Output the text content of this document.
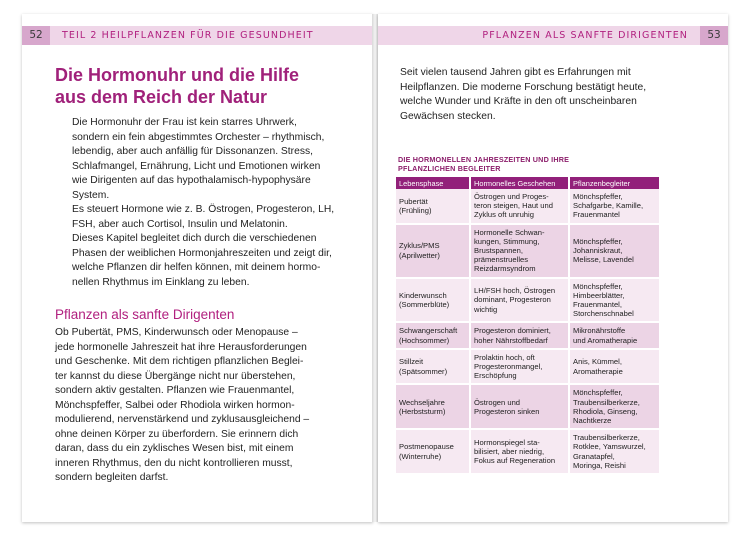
52	TEIL 2 HEILPFLANZEN FÜR DIE GESUNDHEIT
Die Hormonuhr und die Hilfe
aus dem Reich der Natur
Die Hormonuhr der Frau ist kein starres Uhrwerk,
sondern ein fein abgestimmtes Orchester – rhythmisch,
lebendig, aber auch anfällig für Dissonanzen. Stress,
Schlafmangel, Ernährung, Licht und Emotionen wirken
wie Dirigenten auf das hypothalamisch-hypophysäre
System.
Es steuert Hormone wie z. B. Östrogen, Progesteron, LH,
FSH, aber auch Cortisol, Insulin und Melatonin.
Dieses Kapitel begleitet dich durch die verschiedenen
Phasen der weiblichen Hormonjahreszeiten und zeigt dir,
welche Pflanzen dir helfen können, mit deinem hormo-
nellen Rhythmus im Einklang zu leben.
Pflanzen als sanfte Dirigenten
Ob Pubertät, PMS, Kinderwunsch oder Menopause –
jede hormonelle Jahreszeit hat ihre Herausforderungen
und Geschenke. Mit dem richtigen pflanzlichen Beglei-
ter kannst du diese Übergänge nicht nur überstehen,
sondern aktiv gestalten. Pflanzen wie Frauenmantel,
Mönchspfeffer, Salbei oder Rhodiola wirken hormon-
modulierend, nervenstärkend und zyklusausgleichend –
ohne deinen Körper zu überfordern. Sie erinnern dich
daran, dass du ein zyklisches Wesen bist, mit einem
inneren Rhythmus, den du nicht kontrollieren musst,
sondern begleiten darfst.
PFLANZEN ALS SANFTE DIRIGENTEN	53
Seit vielen tausend Jahren gibt es Erfahrungen mit
Heilpflanzen. Die moderne Forschung bestätigt heute,
welche Wunder und Kräfte in den oft unscheinbaren
Gewächsen stecken.
DIE HORMONELLEN JAHRESZEITEN UND IHRE
PFLANZLICHEN BEGLEITER
Lebensphase	Hormonelles Geschehen	Pflanzenbegleiter
Pubertät
(Frühling)	Östrogen und Proges-
teron steigen, Haut und
Zyklus oft unruhig	Mönchspfeffer,
Schafgarbe, Kamille,
Frauenmantel
Zyklus/PMS
(Aprilwetter)	Hormonelle Schwan-
kungen, Stimmung,
Brustspannen,
prämenstruelles
Reizdarmsyndrom	Mönchspfeffer,
Johanniskraut,
Melisse, Lavendel
Kinderwunsch
(Sommerblüte)	LH/FSH hoch, Östrogen
dominant, Progesteron
wichtig	Mönchspfeffer,
Himbeerblätter,
Frauenmantel,
Storchenschnabel
Schwangerschaft
(Hochsommer)	Progesteron dominiert,
hoher Nährstoffbedarf	Mikronährstoffe
und Aromatherapie
Stillzeit
(Spätsommer)	Prolaktin hoch, oft
Progesteronmangel,
Erschöpfung	Anis, Kümmel,
Aromatherapie
Wechseljahre
(Herbststurm)	Östrogen und
Progesteron sinken	Mönchspfeffer,
Traubensilberkerze,
Rhodiola, Ginseng,
Nachtkerze
Postmenopause
(Winterruhe)	Hormonspiegel sta-
bilisiert, aber niedrig,
Fokus auf Regeneration	Traubensilberkerze,
Rotklee, Yamswurzel,
Granatapfel,
Moringa, Reishi
